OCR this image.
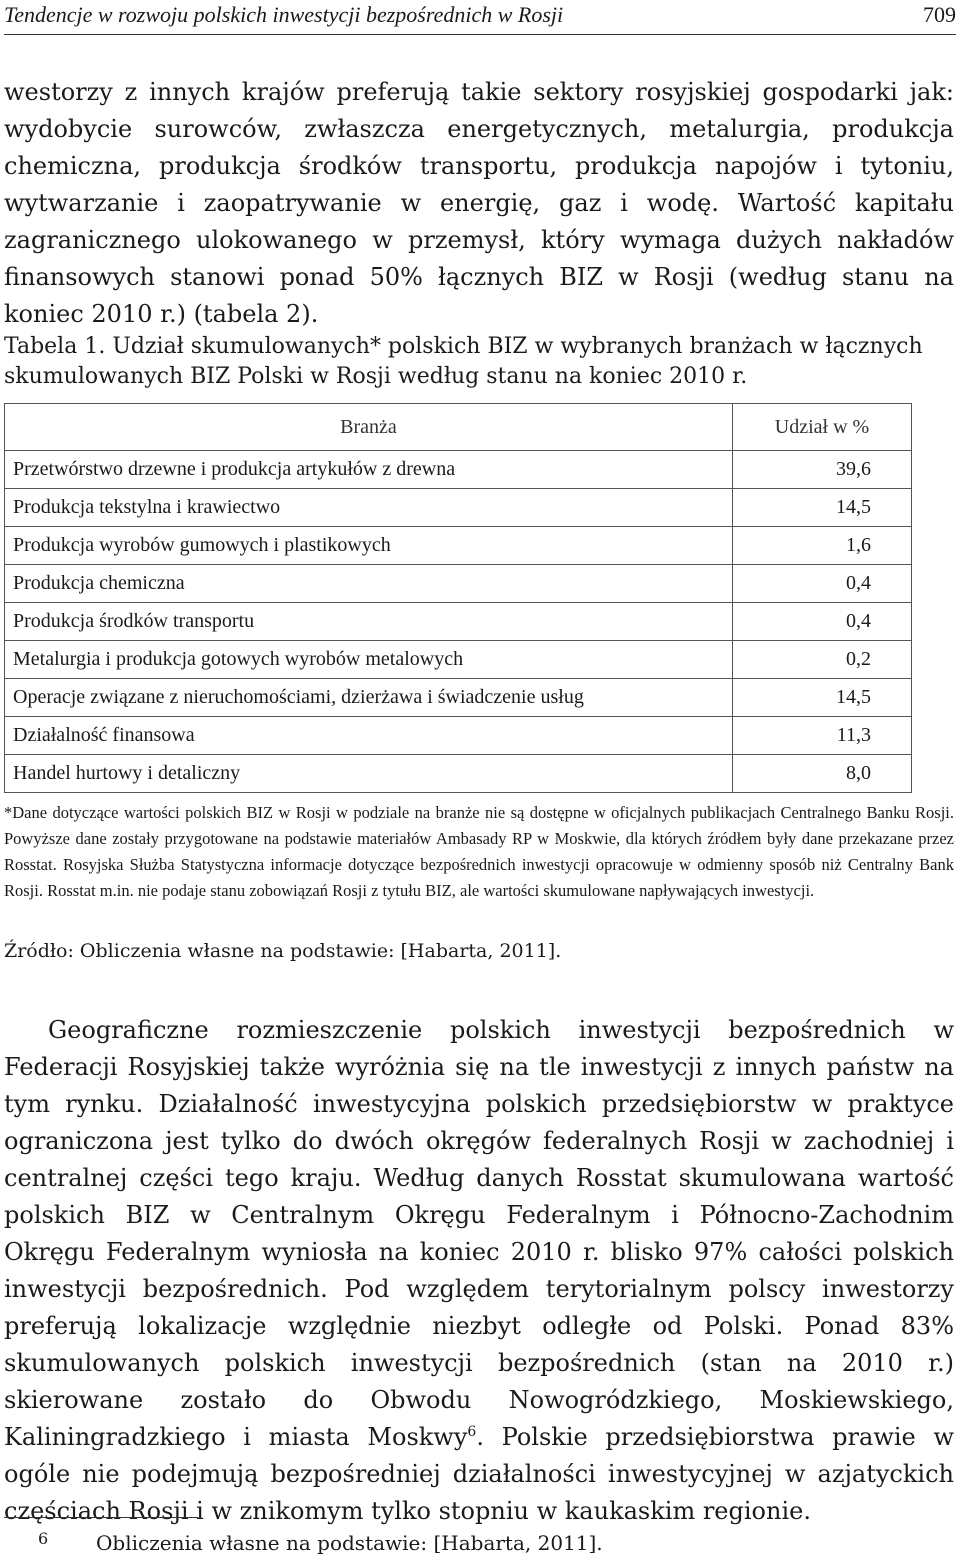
Tendencje w rozwoju polskich inwestycji bezpośrednich w Rosji	709

westorzy z innych krajów preferują takie sektory rosyjskiej gospodarki jak: wydobycie surowców, zwłaszcza energetycznych, metalurgia, produkcja chemiczna, produkcja środków transportu, produkcja napojów i tytoniu, wytwarzanie i zaopatrywanie w energię, gaz i wodę. Wartość kapitału zagranicznego ulokowanego w przemysł, który wymaga dużych nakładów finansowych stanowi ponad 50% łącznych BIZ w Rosji (według stanu na koniec 2010 r.) (tabela 2).

Tabela 1. Udział skumulowanych* polskich BIZ w wybranych branżach w łącznych skumulowanych BIZ Polski w Rosji według stanu na koniec 2010 r.

Branża	Udział w %
Przetwórstwo drzewne i produkcja artykułów z drewna	39,6
Produkcja tekstylna i krawiectwo	14,5
Produkcja wyrobów gumowych i plastikowych	1,6
Produkcja chemiczna	0,4
Produkcja środków transportu	0,4
Metalurgia i produkcja gotowych wyrobów metalowych	0,2
Operacje związane z nieruchomościami, dzierżawa i świadczenie usług	14,5
Działalność finansowa	11,3
Handel hurtowy i detaliczny	8,0

*Dane dotyczące wartości polskich BIZ w Rosji w podziale na branże nie są dostępne w oficjalnych publikacjach Centralnego Banku Rosji. Powyższe dane zostały przygotowane na podstawie materiałów Ambasady RP w Moskwie, dla których źródłem były dane przekazane przez Rosstat. Rosyjska Służba Statystyczna informacje dotyczące bezpośrednich inwestycji opracowuje w odmienny sposób niż Centralny Bank Rosji. Rosstat m.in. nie podaje stanu zobowiązań Rosji z tytułu BIZ, ale wartości skumulowane napływających inwestycji.

Źródło: Obliczenia własne na podstawie: [Habarta, 2011].

Geograficzne rozmieszczenie polskich inwestycji bezpośrednich w Federacji Rosyjskiej także wyróżnia się na tle inwestycji z innych państw na tym rynku. Działalność inwestycyjna polskich przedsiębiorstw w praktyce ograniczona jest tylko do dwóch okręgów federalnych Rosji w zachodniej i centralnej części tego kraju. Według danych Rosstat skumulowana wartość polskich BIZ w Centralnym Okręgu Federalnym i Północno-Zachodnim Okręgu Federalnym wyniosła na koniec 2010 r. blisko 97% całości polskich inwestycji bezpośrednich. Pod względem terytorialnym polscy inwestorzy preferują lokalizacje względnie niezbyt odległe od Polski. Ponad 83% skumulowanych polskich inwestycji bezpośrednich (stan na 2010 r.) skierowane zostało do Obwodu Nowogródzkiego, Moskiewskiego, Kaliningradzkiego i miasta Moskwy$^6$. Polskie przedsiębiorstwa prawie w ogóle nie podejmują bezpośredniej działalności inwestycyjnej w azjatyckich częściach Rosji i w znikomym tylko stopniu w kaukaskim regionie.

6 Obliczenia własne na podstawie: [Habarta, 2011].
